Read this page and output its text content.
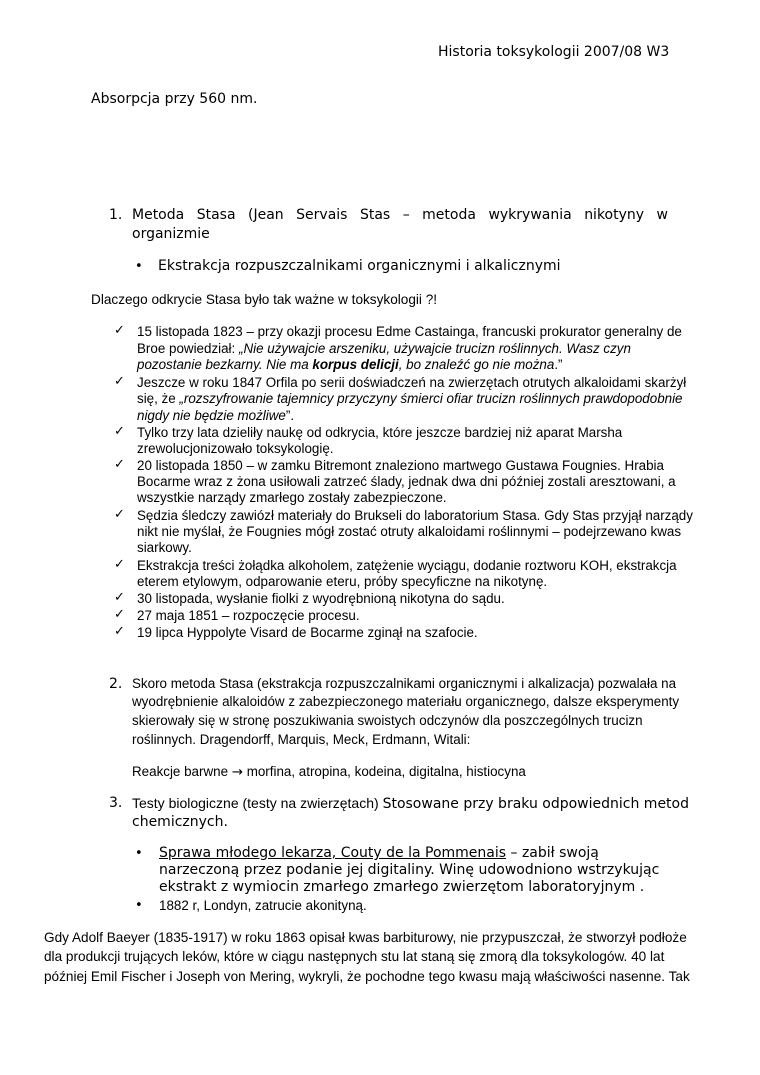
Historia toksykologii 2007/08 W3

Absorpcja przy 560 nm.

1. Metoda Stasa (Jean Servais Stas – metoda wykrywania nikotyny w

organizmie

• Ekstrakcja rozpuszczalnikami organicznymi i alkalicznymi

Dlaczego odkrycie Stasa było tak ważne w toksykologii ?!

✓ 15 listopada 1823 – przy okazji procesu Edme Castainga, francuski prokurator generalny de

Broe powiedział: „Nie używajcie arszeniku, używajcie trucizn roślinnych. Wasz czyn

pozostanie bezkarny. Nie ma korpus delicji, bo znaleźć go nie można.”

✓ Jeszcze w roku 1847 Orfila po serii doświadczeń na zwierzętach otrutych alkaloidami skarżył

się, że „rozszyfrowanie tajemnicy przyczyny śmierci ofiar trucizn roślinnych prawdopodobnie

nigdy nie będzie możliwe”.

✓ Tylko trzy lata dzieliły naukę od odkrycia, które jeszcze bardziej niż aparat Marsha

zrewolucjonizowało toksykologię.

✓ 20 listopada 1850 – w zamku Bitremont znaleziono martwego Gustawa Fougnies. Hrabia

Bocarme wraz z żona usiłowali zatrzeć ślady, jednak dwa dni później zostali aresztowani, a

wszystkie narządy zmarłego zostały zabezpieczone.

✓ Sędzia śledczy zawiózł materiały do Brukseli do laboratorium Stasa. Gdy Stas przyjął narządy

nikt nie myślał, że Fougnies mógł zostać otruty alkaloidami roślinnymi – podejrzewano kwas

siarkowy.

✓ Ekstrakcja treści żołądka alkoholem, zatężenie wyciągu, dodanie roztworu KOH, ekstrakcja

eterem etylowym, odparowanie eteru, próby specyficzne na nikotynę.

✓ 30 listopada, wysłanie fiolki z wyodrębnioną nikotyna do sądu.

✓ 27 maja 1851 – rozpoczęcie procesu.

✓ 19 lipca Hyppolyte Visard de Bocarme zginął na szafocie.

2. Skoro metoda Stasa (ekstrakcja rozpuszczalnikami organicznymi i alkalizacja) pozwalała na

wyodrębnienie alkaloidów z zabezpieczonego materiału organicznego, dalsze eksperymenty

skierowały się w stronę poszukiwania swoistych odczynów dla poszczególnych trucizn

roślinnych. Dragendorff, Marquis, Meck, Erdmann, Witali:

Reakcje barwne → morfina, atropina, kodeina, digitalna, histiocyna

3. Testy biologiczne (testy na zwierzętach) Stosowane przy braku odpowiednich metod

chemicznych.

• Sprawa młodego lekarza, Couty de la Pommenais – zabił swoją

narzeczoną przez podanie jej digitaliny. Winę udowodniono wstrzykując

ekstrakt z wymiocin zmarłego zmarłego zwierzętom laboratoryjnym .

• 1882 r, Londyn, zatrucie akonityną.

Gdy Adolf Baeyer (1835-1917) w roku 1863 opisał kwas barbiturowy, nie przypuszczał, że stworzył podłoże

dla produkcji trujących leków, które w ciągu następnych stu lat staną się zmorą dla toksykologów. 40 lat

później Emil Fischer i Joseph von Mering, wykryli, że pochodne tego kwasu mają właściwości nasenne. Tak
